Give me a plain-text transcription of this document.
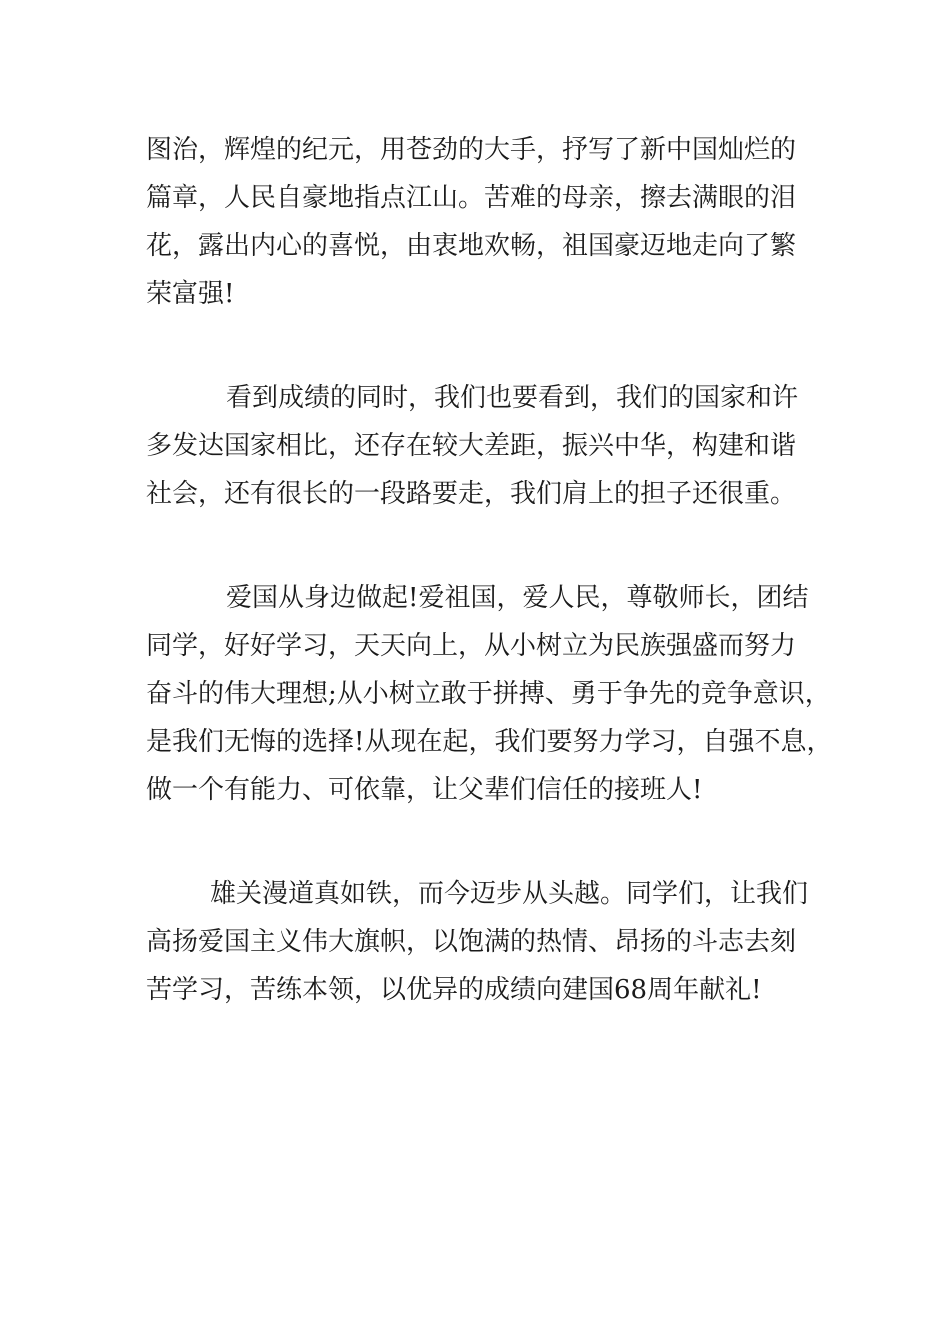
图治，辉煌的纪元，用苍劲的大手，抒写了新中国灿烂的
篇章，人民自豪地指点江山。苦难的母亲，擦去满眼的泪
花，露出内心的喜悦，由衷地欢畅，祖国豪迈地走向了繁
荣富强!
看到成绩的同时，我们也要看到，我们的国家和许
多发达国家相比，还存在较大差距，振兴中华，构建和谐
社会，还有很长的一段路要走，我们肩上的担子还很重。
爱国从身边做起!爱祖国，爱人民，尊敬师长，团结
同学，好好学习，天天向上，从小树立为民族强盛而努力
奋斗的伟大理想;从小树立敢于拼搏、勇于争先的竞争意识，
是我们无悔的选择!从现在起，我们要努力学习，自强不息，
做一个有能力、可依靠，让父辈们信任的接班人!
雄关漫道真如铁，而今迈步从头越。同学们，让我们
高扬爱国主义伟大旗帜，以饱满的热情、昂扬的斗志去刻
苦学习，苦练本领，以优异的成绩向建国68周年献礼!
